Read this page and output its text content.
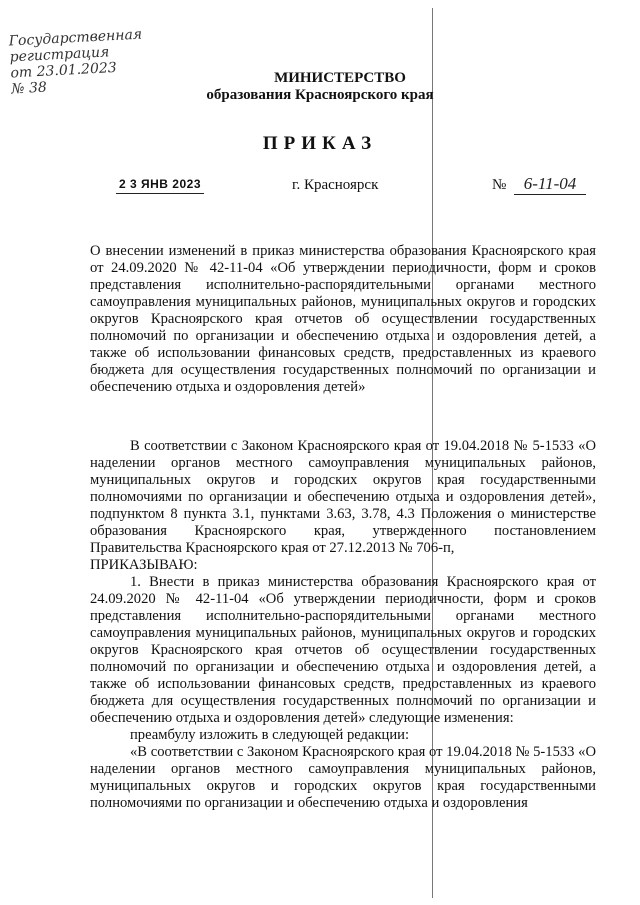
Государственная
регистрация
от 23.01.2023
№ 38
МИНИСТЕРСТВО
образования Красноярского края
ПРИКАЗ
2 3 ЯНВ 2023	г. Красноярск	№	6-11-04
О внесении изменений в приказ министерства образования Красноярского края от 24.09.2020 № 42-11-04 «Об утверждении периодичности, форм и сроков представления исполнительно-распорядительными органами местного самоуправления муниципальных районов, муниципальных округов и городских округов Красноярского края отчетов об осуществлении государственных полномочий по организации и обеспечению отдыха и оздоровления детей, а также об использовании финансовых средств, предоставленных из краевого бюджета для осуществления государственных полномочий по организации и обеспечению отдыха и оздоровления детей»

В соответствии с Законом Красноярского края от 19.04.2018 № 5-1533 «О наделении органов местного самоуправления муниципальных районов, муниципальных округов и городских округов края государственными полномочиями по организации и обеспечению отдыха и оздоровления детей», подпунктом 8 пункта 3.1, пунктами 3.63, 3.78, 4.3 Положения о министерстве образования Красноярского края, утвержденного постановлением Правительства Красноярского края от 27.12.2013 № 706-п,

ПРИКАЗЫВАЮ:

1. Внести в приказ министерства образования Красноярского края от 24.09.2020 № 42-11-04 «Об утверждении периодичности, форм и сроков представления исполнительно-распорядительными органами местного самоуправления муниципальных районов, муниципальных округов и городских округов Красноярского края отчетов об осуществлении государственных полномочий по организации и обеспечению отдыха и оздоровления детей, а также об использовании финансовых средств, предоставленных из краевого бюджета для осуществления государственных полномочий по организации и обеспечению отдыха и оздоровления детей» следующие изменения:

преамбулу изложить в следующей редакции:

«В соответствии с Законом Красноярского края от 19.04.2018 № 5-1533 «О наделении органов местного самоуправления муниципальных районов, муниципальных округов и городских округов края государственными полномочиями по организации и обеспечению отдыха и оздоровления
